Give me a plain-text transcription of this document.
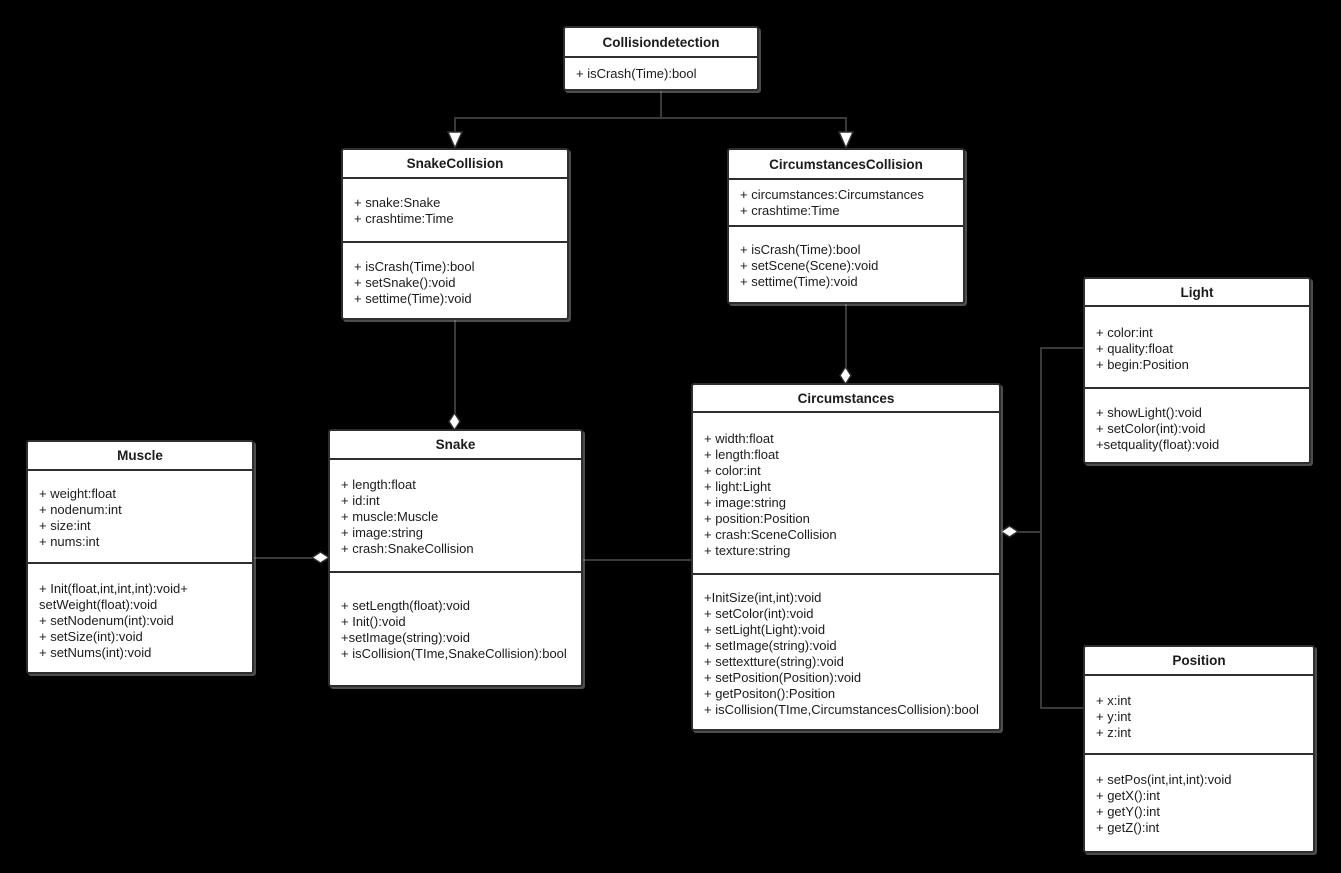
Collisiondetection
+ isCrash(Time):bool
SnakeCollision
+ snake:Snake
+ crashtime:Time
+ isCrash(Time):bool
+ setSnake():void
+ settime(Time):void
CircumstancesCollision
+ circumstances:Circumstances
+ crashtime:Time
+ isCrash(Time):bool
+ setScene(Scene):void
+ settime(Time):void
Light
+ color:int
+ quality:float
+ begin:Position
+ showLight():void
+ setColor(int):void
+setquality(float):void
Muscle
+ weight:float
+ nodenum:int
+ size:int
+ nums:int
+ Init(float,int,int,int):void+
setWeight(float):void
+ setNodenum(int):void
+ setSize(int):void
+ setNums(int):void
Snake
+ length:float
+ id:int
+ muscle:Muscle
+ image:string
+ crash:SnakeCollision
+ setLength(float):void
+ Init():void
+setImage(string):void
+ isCollision(TIme,SnakeCollision):bool
Circumstances
+ width:float
+ length:float
+ color:int
+ light:Light
+ image:string
+ position:Position
+ crash:SceneCollision
+ texture:string
+InitSize(int,int):void
+ setColor(int):void
+ setLight(Light):void
+ setImage(string):void
+ settextture(string):void
+ setPosition(Position):void
+ getPositon():Position
+ isCollision(TIme,CircumstancesCollision):bool
Position
+ x:int
+ y:int
+ z:int
+ setPos(int,int,int):void
+ getX():int
+ getY():int
+ getZ():int
